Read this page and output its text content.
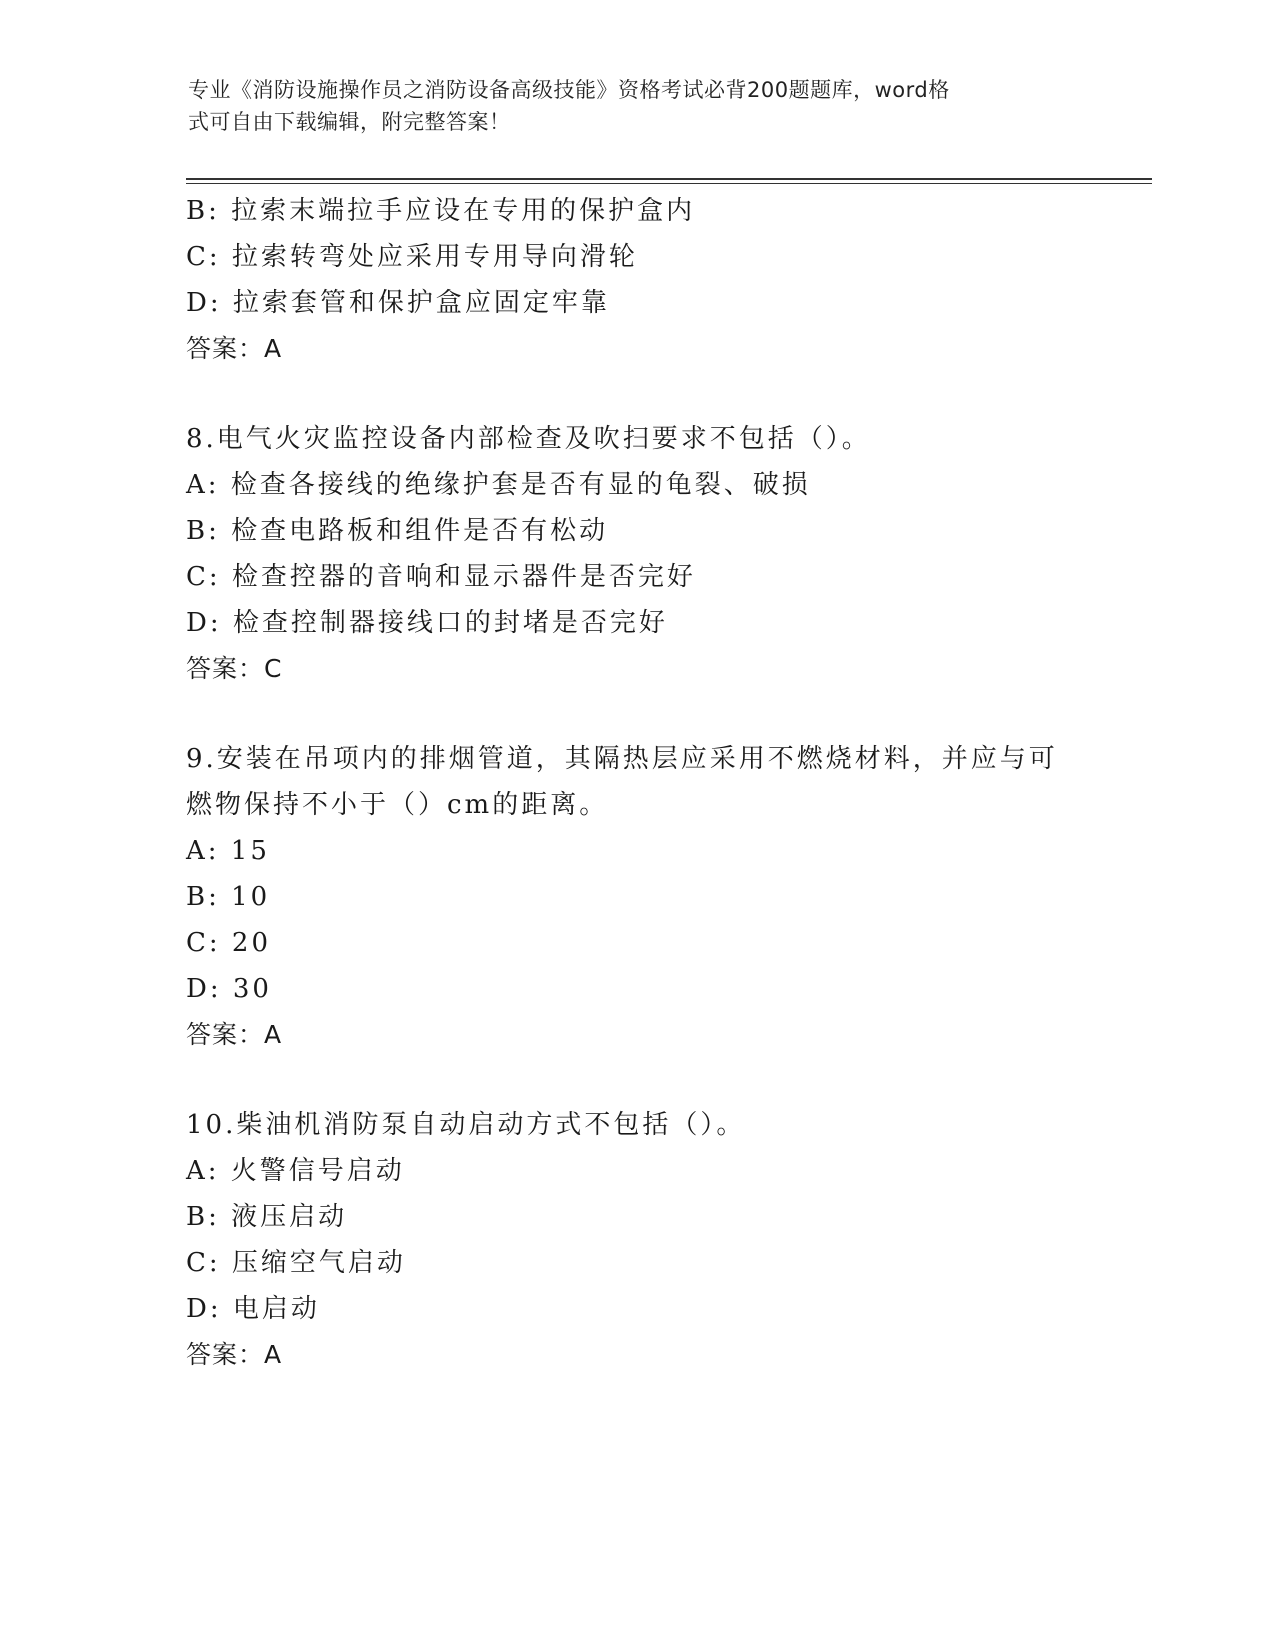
专业《消防设施操作员之消防设备高级技能》资格考试必背200题题库，word格
式可自由下载编辑，附完整答案！
B: 拉索末端拉手应设在专用的保护盒内
C: 拉索转弯处应采用专用导向滑轮
D: 拉索套管和保护盒应固定牢靠
答案：A
8.电气火灾监控设备内部检查及吹扫要求不包括（）。
A: 检查各接线的绝缘护套是否有显的龟裂、破损
B: 检查电路板和组件是否有松动
C: 检查控器的音响和显示器件是否完好
D: 检查控制器接线口的封堵是否完好
答案：C
9.安装在吊项内的排烟管道，其隔热层应采用不燃烧材料，并应与可
燃物保持不小于（）cm的距离。
A: 15
B: 10
C: 20
D: 30
答案：A
10.柴油机消防泵自动启动方式不包括（）。
A: 火警信号启动
B: 液压启动
C: 压缩空气启动
D: 电启动
答案：A
